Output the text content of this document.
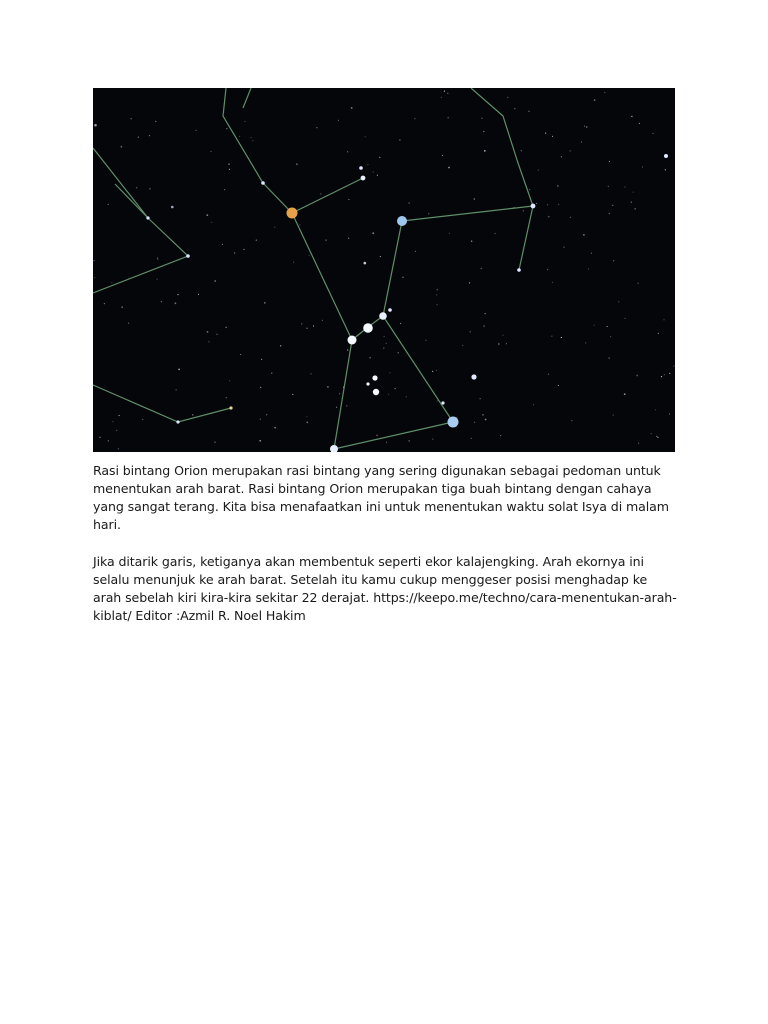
Rasi bintang Orion merupakan rasi bintang yang sering digunakan sebagai pedoman untuk menentukan arah barat. Rasi bintang Orion merupakan tiga buah bintang dengan cahaya yang sangat terang. Kita bisa menafaatkan ini untuk menentukan waktu solat Isya di malam hari.

Jika ditarik garis, ketiganya akan membentuk seperti ekor kalajengking. Arah ekornya ini selalu menunjuk ke arah barat. Setelah itu kamu cukup menggeser posisi menghadap ke arah sebelah kiri kira-kira sekitar 22 derajat. https://keepo.me/techno/cara-menentukan-arah-kiblat/ Editor :Azmil R. Noel Hakim
